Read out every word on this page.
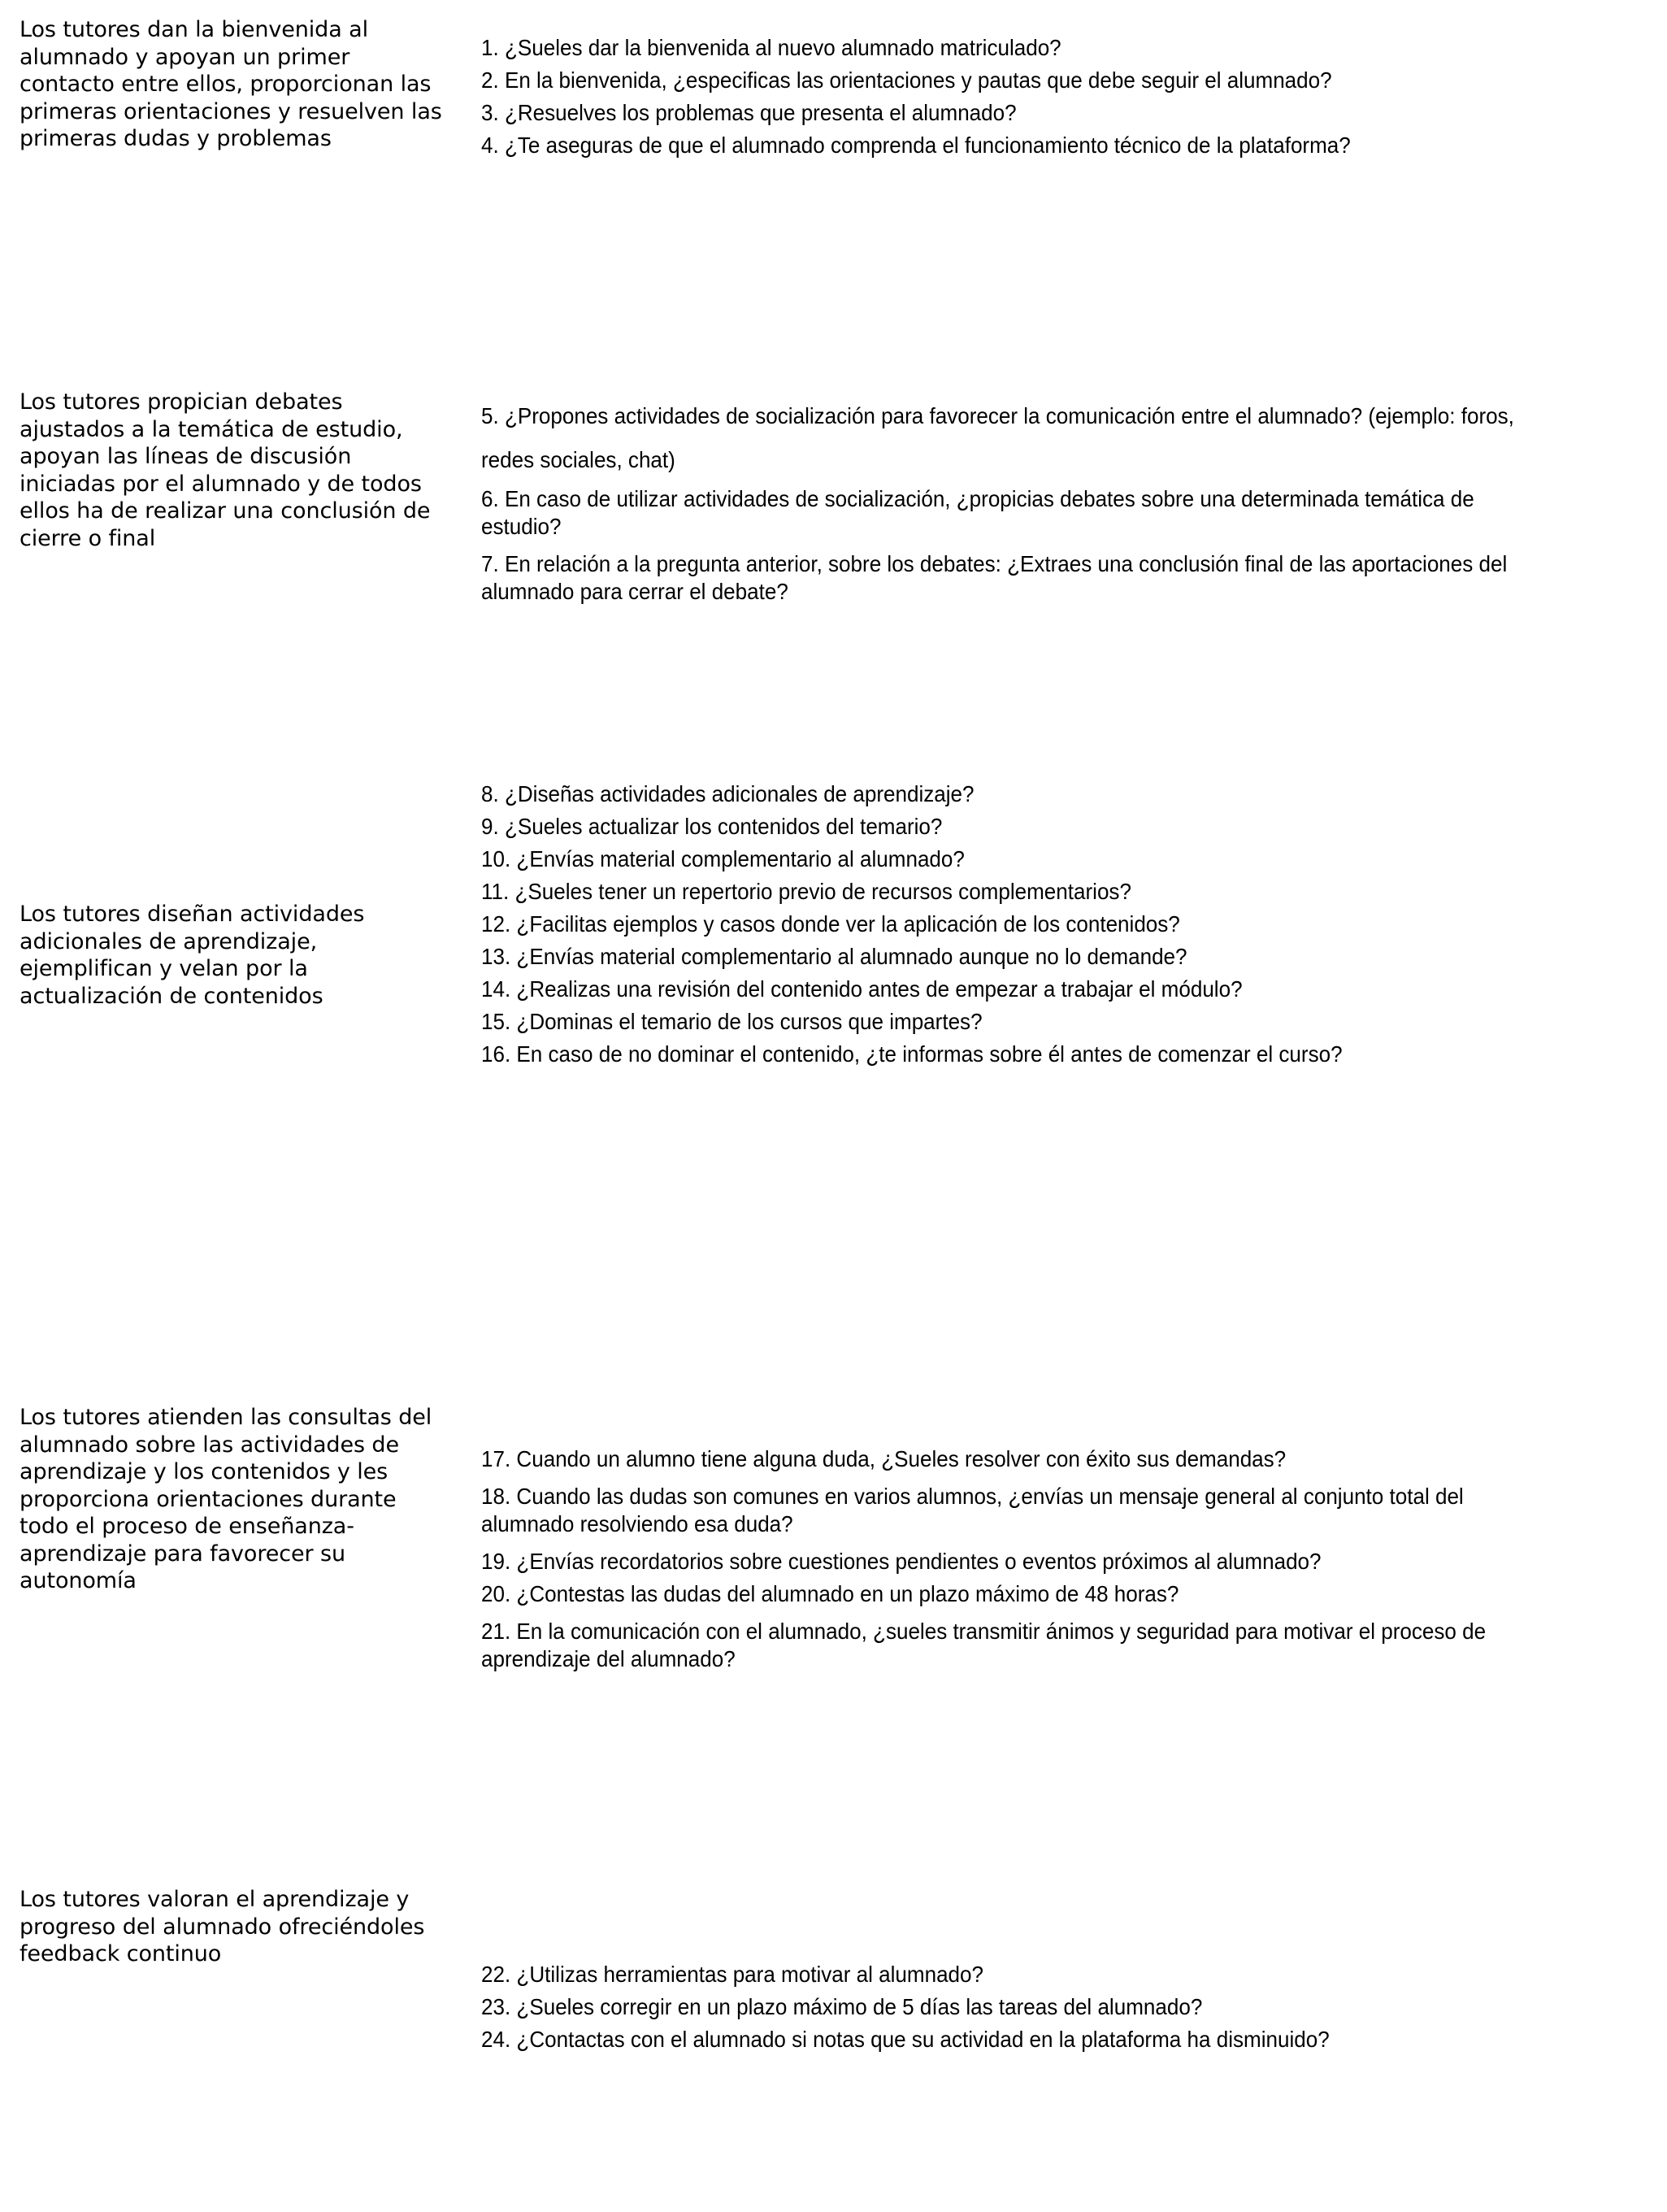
Los tutores dan la bienvenida al alumnado y apoyan un primer contacto entre ellos, proporcionan las primeras orientaciones y resuelven las primeras dudas y problemas
1. ¿Sueles dar la bienvenida al nuevo alumnado matriculado?
2. En la bienvenida, ¿especificas las orientaciones y pautas que debe seguir el alumnado?
3. ¿Resuelves los problemas que presenta el alumnado?
4. ¿Te aseguras de que el alumnado comprenda el funcionamiento técnico de la plataforma?
Los tutores propician debates ajustados a la temática de estudio, apoyan las líneas de discusión iniciadas por el alumnado y de todos ellos ha de realizar una conclusión de cierre o final
5. ¿Propones actividades de socialización para favorecer la comunicación entre el alumnado? (ejemplo: foros, redes sociales, chat)
6. En caso de utilizar actividades de socialización, ¿propicias debates sobre una determinada temática de estudio?
7. En relación a la pregunta anterior, sobre los debates: ¿Extraes una conclusión final de las aportaciones del alumnado para cerrar el debate?
Los tutores diseñan actividades adicionales de aprendizaje, ejemplifican y velan por la actualización de contenidos
8. ¿Diseñas actividades adicionales de aprendizaje?
9. ¿Sueles actualizar los contenidos del temario?
10. ¿Envías material complementario al alumnado?
11. ¿Sueles tener un repertorio previo de recursos complementarios?
12. ¿Facilitas ejemplos y casos donde ver la aplicación de los contenidos?
13. ¿Envías material complementario al alumnado aunque no lo demande?
14. ¿Realizas una revisión del contenido antes de empezar a trabajar el módulo?
15. ¿Dominas el temario de los cursos que impartes?
16. En caso de no dominar el contenido, ¿te informas sobre él antes de comenzar el curso?
Los tutores atienden las consultas del alumnado sobre las actividades de aprendizaje y los contenidos y les proporciona orientaciones durante todo el proceso de enseñanza-aprendizaje para favorecer su autonomía
17. Cuando un alumno tiene alguna duda, ¿Sueles resolver con éxito sus demandas?
18. Cuando las dudas son comunes en varios alumnos, ¿envías un mensaje general al conjunto total del alumnado resolviendo esa duda?
19. ¿Envías recordatorios sobre cuestiones pendientes o eventos próximos al alumnado?
20. ¿Contestas las dudas del alumnado en un plazo máximo de 48 horas?
21. En la comunicación con el alumnado, ¿sueles transmitir ánimos y seguridad para motivar el proceso de aprendizaje del alumnado?
Los tutores valoran el aprendizaje y progreso del alumnado ofreciéndoles feedback continuo
22. ¿Utilizas herramientas para motivar al alumnado?
23. ¿Sueles corregir en un plazo máximo de 5 días las tareas del alumnado?
24. ¿Contactas con el alumnado si notas que su actividad en la plataforma ha disminuido?
